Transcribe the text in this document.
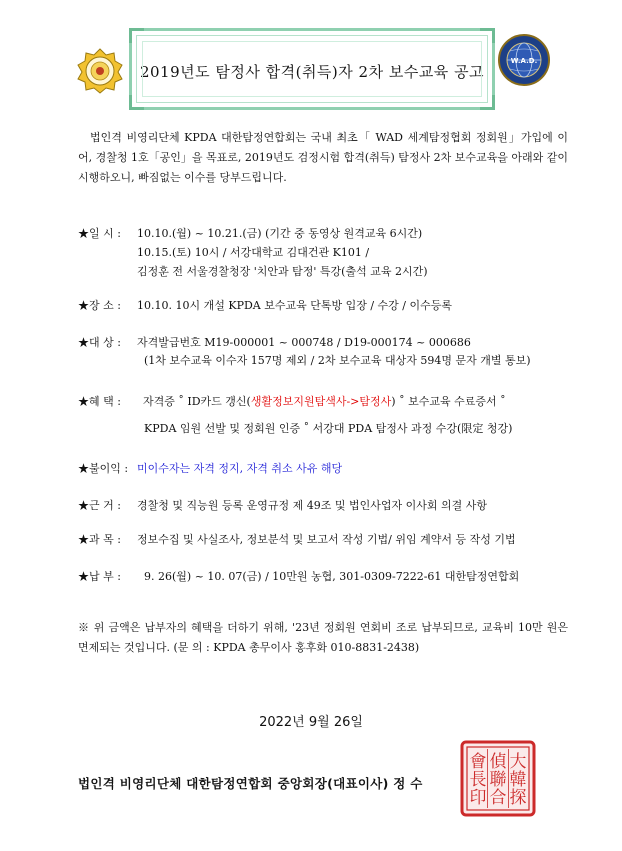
2019년도 탐정사 합격(취득)자 2차 보수교육 공고
W.A.D.
법인격 비영리단체 KPDA 대한탐정연합회는 국내 최초「 WAD 세계탐정협회 정회원」가입에 이어, 경찰청 1호「공인」을 목표로, 2019년도 검정시험 합격(취득) 탐정사 2차 보수교육을 아래와 같이 시행하오니, 빠짐없는 이수를 당부드립니다.
★일 시 : 10.10.(월) ~ 10.21.(금) (기간 중 동영상 원격교육 6시간)
10.15.(토) 10시 / 서강대학교 김대건관 K101 /
김정훈 전 서울경찰청장 '치안과 탐정' 특강(출석 교육 2시간)
★장 소 : 10.10. 10시 개설 KPDA 보수교육 단톡방 입장 / 수강 / 이수등록
★대 상 : 자격발급번호 M19-000001 ~ 000748 / D19-000174 ~ 000686
(1차 보수교육 이수자 157명 제외 / 2차 보수교육 대상자 594명 문자 개별 통보)
★혜 택 : 자격증 ˚ ID카드 갱신(생활정보지원탐색사->탐정사) ˚ 보수교육 수료증서 ˚
KPDA 임원 선발 및 정회원 인증 ˚ 서강대 PDA 탐정사 과정 수강(限定 청강)
★불이익 : 미이수자는 자격 정지, 자격 취소 사유 해당
★근 거 : 경찰청 및 직능원 등록 운영규정 제 49조 및 법인사업자 이사회 의결 사항
★과 목 : 정보수집 및 사실조사, 정보분석 및 보고서 작성 기법/ 위임 계약서 등 작성 기법
★납 부 : 9. 26(월) ~ 10. 07(금) / 10만원 농협, 301-0309-7222-61 대한탐정연합회
※ 위 금액은 납부자의 혜택을 더하기 위해, '23년 정회원 연회비 조로 납부되므로, 교육비 10만 원은 면제되는 것입니다. (문 의 : KPDA 총무이사 홍후화 010-8831-2438)
2022년 9월 26일
법인격 비영리단체 대한탐정연합회 중앙회장(대표이사) 정 수
大
韓
探
偵
聯
合
會
長
印
